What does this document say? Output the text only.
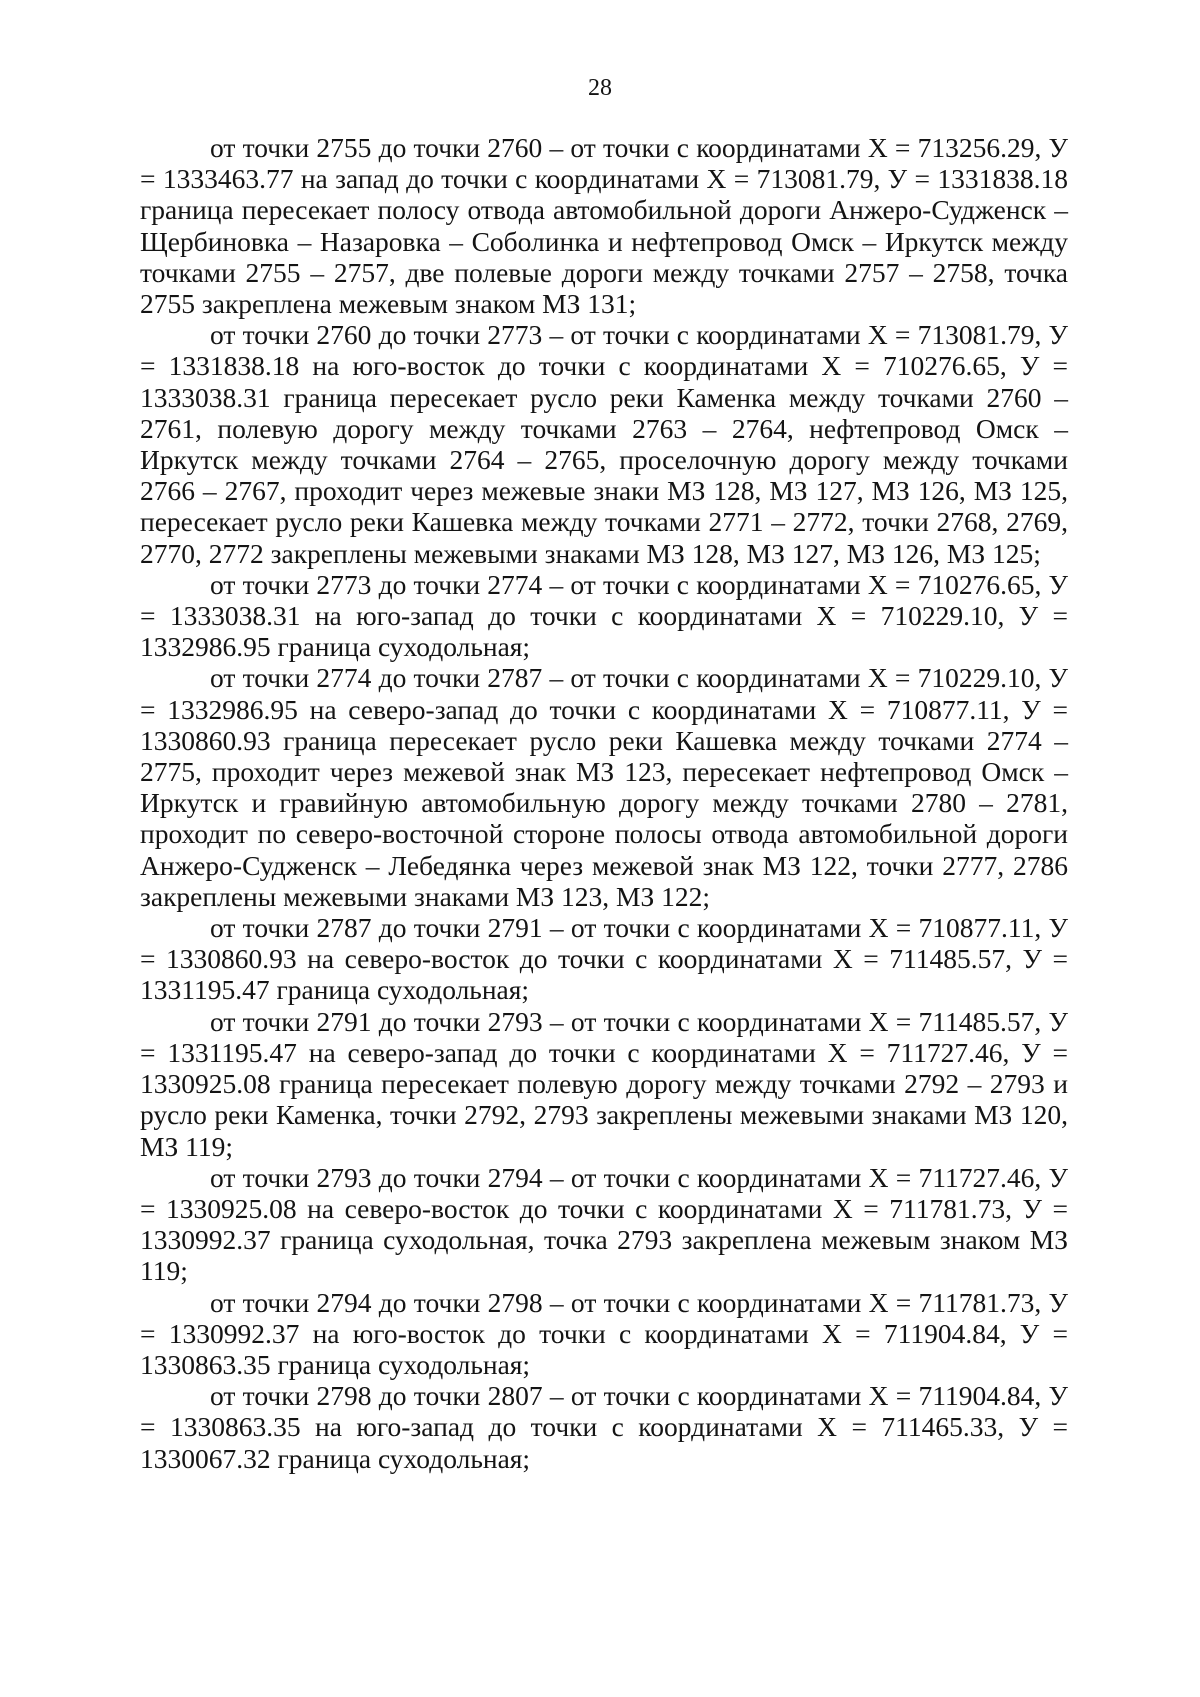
28

от точки 2755 до точки 2760 – от точки с координатами Х = 713256.29, У = 1333463.77 на запад до точки с координатами Х = 713081.79, У = 1331838.18 граница пересекает полосу отвода автомобильной дороги Анжеро-Судженск – Щербиновка – Назаровка – Соболинка и нефтепровод Омск – Иркутск между точками 2755 – 2757, две полевые дороги между точками 2757 – 2758, точка 2755 закреплена межевым знаком МЗ 131;

от точки 2760 до точки 2773 – от точки с координатами Х = 713081.79, У = 1331838.18 на юго-восток до точки с координатами Х = 710276.65, У = 1333038.31 граница пересекает русло реки Каменка между точками 2760 – 2761, полевую дорогу между точками 2763 – 2764, нефтепровод Омск – Иркутск между точками 2764 – 2765, проселочную дорогу между точками 2766 – 2767, проходит через межевые знаки МЗ 128, МЗ 127, МЗ 126, МЗ 125, пересекает русло реки Кашевка между точками 2771 – 2772, точки 2768, 2769, 2770, 2772 закреплены межевыми знаками МЗ 128, МЗ 127, МЗ 126, МЗ 125;

от точки 2773 до точки 2774 – от точки с координатами Х = 710276.65, У = 1333038.31 на юго-запад до точки с координатами Х = 710229.10, У = 1332986.95 граница суходольная;

от точки 2774 до точки 2787 – от точки с координатами Х = 710229.10, У = 1332986.95 на северо-запад до точки с координатами Х = 710877.11, У = 1330860.93 граница пересекает русло реки Кашевка между точками 2774 – 2775, проходит через межевой знак МЗ 123, пересекает нефтепровод Омск – Иркутск и гравийную автомобильную дорогу между точками 2780 – 2781, проходит по северо-восточной стороне полосы отвода автомобильной дороги Анжеро-Судженск – Лебедянка через межевой знак МЗ 122, точки 2777, 2786 закреплены межевыми знаками МЗ 123, МЗ 122;

от точки 2787 до точки 2791 – от точки с координатами Х = 710877.11, У = 1330860.93 на северо-восток до точки с координатами Х = 711485.57, У = 1331195.47 граница суходольная;

от точки 2791 до точки 2793 – от точки с координатами Х = 711485.57, У = 1331195.47 на северо-запад до точки с координатами Х = 711727.46, У = 1330925.08 граница пересекает полевую дорогу между точками 2792 – 2793 и русло реки Каменка, точки 2792, 2793 закреплены межевыми знаками МЗ 120, МЗ 119;

от точки 2793 до точки 2794 – от точки с координатами Х = 711727.46, У = 1330925.08 на северо-восток до точки с координатами Х = 711781.73, У = 1330992.37 граница суходольная, точка 2793 закреплена межевым знаком МЗ 119;

от точки 2794 до точки 2798 – от точки с координатами Х = 711781.73, У = 1330992.37 на юго-восток до точки с координатами Х = 711904.84, У = 1330863.35 граница суходольная;

от точки 2798 до точки 2807 – от точки с координатами Х = 711904.84, У = 1330863.35 на юго-запад до точки с координатами Х = 711465.33, У = 1330067.32 граница суходольная;
